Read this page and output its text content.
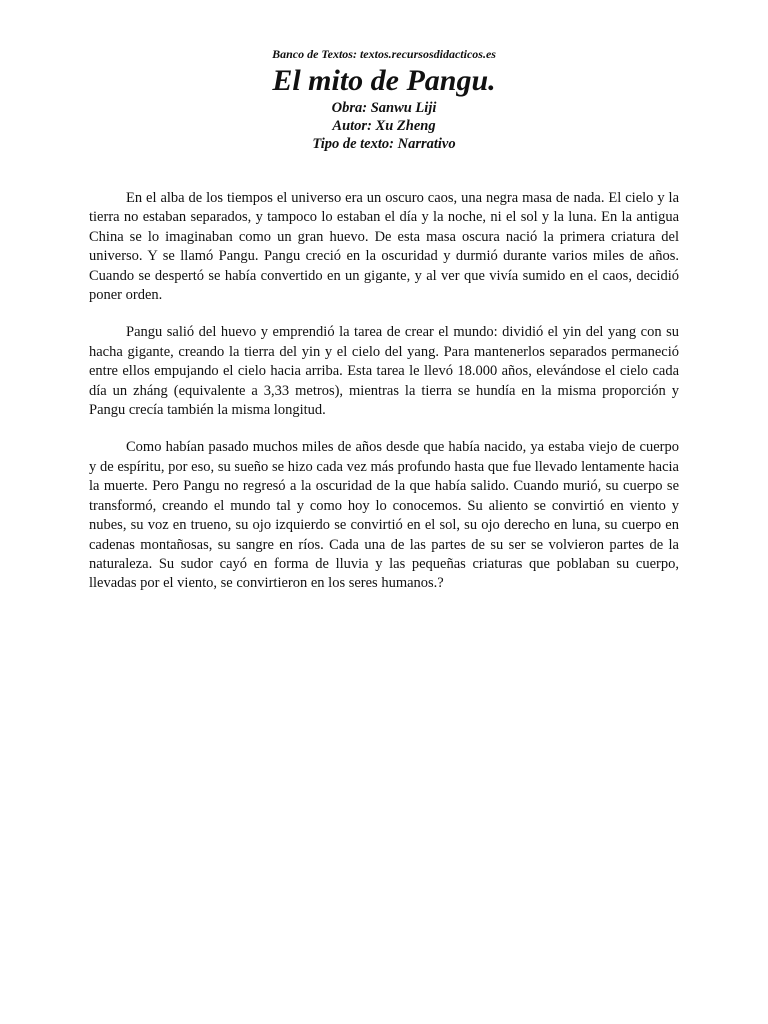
Banco de Textos: textos.recursosdidacticos.es
El mito de Pangu.
Obra: Sanwu Liji
Autor: Xu Zheng
Tipo de texto: Narrativo

En el alba de los tiempos el universo era un oscuro caos, una negra masa de nada. El cielo y la tierra no estaban separados, y tampoco lo estaban el día y la noche, ni el sol y la luna. En la antigua China se lo imaginaban como un gran huevo. De esta masa oscura nació la primera criatura del universo. Y se llamó Pangu. Pangu creció en la oscuridad y durmió durante varios miles de años. Cuando se despertó se había convertido en un gigante, y al ver que vivía sumido en el caos, decidió poner orden.

Pangu salió del huevo y emprendió la tarea de crear el mundo: dividió el yin del yang con su hacha gigante, creando la tierra del yin y el cielo del yang. Para mantenerlos separados permaneció entre ellos empujando el cielo hacia arriba. Esta tarea le llevó 18.000 años, elevándose el cielo cada día un zháng (equivalente a 3,33 metros), mientras la tierra se hundía en la misma proporción y Pangu crecía también la misma longitud.

Como habían pasado muchos miles de años desde que había nacido, ya estaba viejo de cuerpo y de espíritu, por eso, su sueño se hizo cada vez más profundo hasta que fue llevado lentamente hacia la muerte. Pero Pangu no regresó a la oscuridad de la que había salido. Cuando murió, su cuerpo se transformó, creando el mundo tal y como hoy lo conocemos. Su aliento se convirtió en viento y nubes, su voz en trueno, su ojo izquierdo se convirtió en el sol, su ojo derecho en luna, su cuerpo en cadenas montañosas, su sangre en ríos. Cada una de las partes de su ser se volvieron partes de la naturaleza. Su sudor cayó en forma de lluvia y las pequeñas criaturas que poblaban su cuerpo, llevadas por el viento, se convirtieron en los seres humanos.?
